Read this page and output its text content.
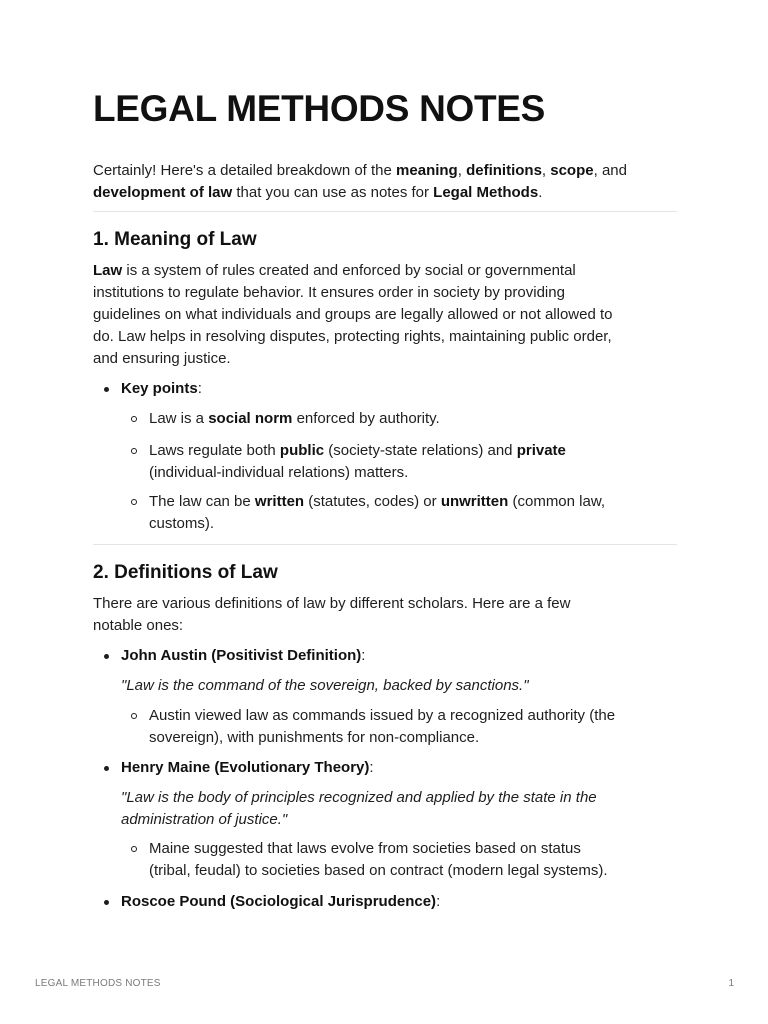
LEGAL METHODS NOTES

Certainly! Here's a detailed breakdown of the meaning, definitions, scope, and
development of law that you can use as notes for Legal Methods.

1. Meaning of Law

Law is a system of rules created and enforced by social or governmental
institutions to regulate behavior. It ensures order in society by providing
guidelines on what individuals and groups are legally allowed or not allowed to
do. Law helps in resolving disputes, protecting rights, maintaining public order,
and ensuring justice.

Key points:

Law is a social norm enforced by authority.

Laws regulate both public (society-state relations) and private
(individual-individual relations) matters.

The law can be written (statutes, codes) or unwritten (common law,
customs).

2. Definitions of Law

There are various definitions of law by different scholars. Here are a few
notable ones:

John Austin (Positivist Definition):

"Law is the command of the sovereign, backed by sanctions."

Austin viewed law as commands issued by a recognized authority (the
sovereign), with punishments for non-compliance.

Henry Maine (Evolutionary Theory):

"Law is the body of principles recognized and applied by the state in the
administration of justice."

Maine suggested that laws evolve from societies based on status
(tribal, feudal) to societies based on contract (modern legal systems).

Roscoe Pound (Sociological Jurisprudence):

LEGAL METHODS NOTES	1
